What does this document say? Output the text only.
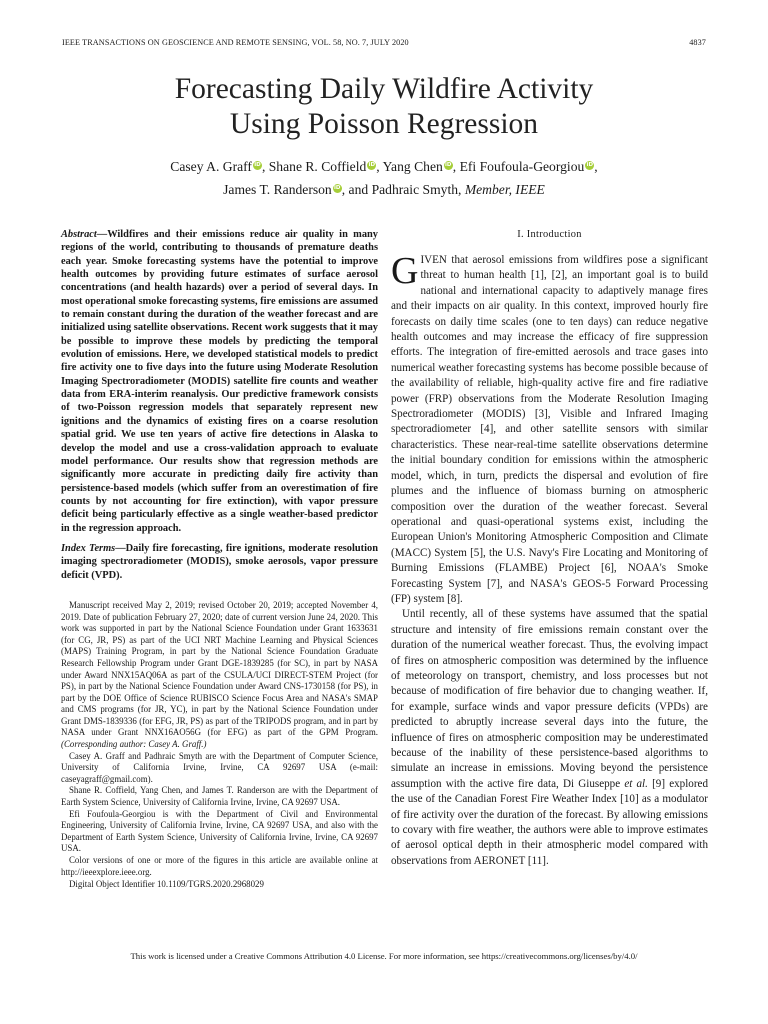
IEEE TRANSACTIONS ON GEOSCIENCE AND REMOTE SENSING, VOL. 58, NO. 7, JULY 2020	4837
Forecasting Daily Wildfire Activity
Using Poisson Regression
Casey A. Graff iD, Shane R. Coffield iD, Yang Chen iD, Efi Foufoula-Georgiou iD,
James T. Randerson iD, and Padhraic Smyth, Member, IEEE
Abstract—Wildfires and their emissions reduce air quality in many regions of the world, contributing to thousands of premature deaths each year. Smoke forecasting systems have the potential to improve health outcomes by providing future estimates of surface aerosol concentrations (and health hazards) over a period of several days. In most operational smoke forecasting systems, fire emissions are assumed to remain constant during the duration of the weather forecast and are initialized using satellite observations. Recent work suggests that it may be possible to improve these models by predicting the temporal evolution of emissions. Here, we developed statistical models to predict fire activity one to five days into the future using Moderate Resolution Imaging Spectroradiometer (MODIS) satellite fire counts and weather data from ERA-interim reanalysis. Our predictive framework consists of two-Poisson regression models that separately represent new ignitions and the dynamics of existing fires on a coarse resolution spatial grid. We use ten years of active fire detections in Alaska to develop the model and use a cross-validation approach to evaluate model performance. Our results show that regression methods are significantly more accurate in predicting daily fire activity than persistence-based models (which suffer from an overestimation of fire counts by not accounting for fire extinction), with vapor pressure deficit being particularly effective as a single weather-based predictor in the regression approach.
Index Terms—Daily fire forecasting, fire ignitions, moderate resolution imaging spectroradiometer (MODIS), smoke aerosols, vapor pressure deficit (VPD).

Manuscript received May 2, 2019; revised October 20, 2019; accepted November 4, 2019. Date of publication February 27, 2020; date of current version June 24, 2020. This work was supported in part by the National Science Foundation under Grant 1633631 (for CG, JR, PS) as part of the UCI NRT Machine Learning and Physical Sciences (MAPS) Training Program, in part by the National Science Foundation Graduate Research Fellowship Program under Grant DGE-1839285 (for SC), in part by NASA under Award NNX15AQ06A as part of the CSULA/UCI DIRECT-STEM Project (for PS), in part by the National Science Foundation under Award CNS-1730158 (for PS), in part by the DOE Office of Science RUBISCO Science Focus Area and NASA's SMAP and CMS programs (for JR, YC), in part by the National Science Foundation under Grant DMS-1839336 (for EFG, JR, PS) as part of the TRIPODS program, and in part by NASA under Grant NNX16AO56G (for EFG) as part of the GPM Program. (Corresponding author: Casey A. Graff.)

Casey A. Graff and Padhraic Smyth are with the Department of Computer Science, University of California Irvine, Irvine, CA 92697 USA (e-mail: caseyagraff@gmail.com).

Shane R. Coffield, Yang Chen, and James T. Randerson are with the Department of Earth System Science, University of California Irvine, Irvine, CA 92697 USA.

Efi Foufoula-Georgiou is with the Department of Civil and Environmental Engineering, University of California Irvine, Irvine, CA 92697 USA, and also with the Department of Earth System Science, University of California Irvine, Irvine, CA 92697 USA.

Color versions of one or more of the figures in this article are available online at http://ieeexplore.ieee.org.

Digital Object Identifier 10.1109/TGRS.2020.2968029

I. Introduction

GIVEN that aerosol emissions from wildfires pose a significant threat to human health [1], [2], an important goal is to build national and international capacity to adaptively manage fires and their impacts on air quality. In this context, improved hourly fire forecasts on daily time scales (one to ten days) can reduce negative health outcomes and may increase the efficacy of fire suppression efforts. The integration of fire-emitted aerosols and trace gases into numerical weather forecasting systems has become possible because of the availability of reliable, high-quality active fire and fire radiative power (FRP) observations from the Moderate Resolution Imaging Spectroradiometer (MODIS) [3], Visible and Infrared Imaging spectroradiometer [4], and other satellite sensors with similar characteristics. These near-real-time satellite observations determine the initial boundary condition for emissions within the atmospheric model, which, in turn, predicts the dispersal and evolution of fire plumes and the influence of biomass burning on atmospheric composition over the duration of the weather forecast. Several operational and quasi-operational systems exist, including the European Union's Monitoring Atmospheric Composition and Climate (MACC) System [5], the U.S. Navy's Fire Locating and Monitoring of Burning Emissions (FLAMBE) Project [6], NOAA's Smoke Forecasting System [7], and NASA's GEOS-5 Forward Processing (FP) system [8].

Until recently, all of these systems have assumed that the spatial structure and intensity of fire emissions remain constant over the duration of the numerical weather forecast. Thus, the evolving impact of fires on atmospheric composition was determined by the influence of meteorology on transport, chemistry, and loss processes but not because of modification of fire behavior due to changing weather. If, for example, surface winds and vapor pressure deficits (VPDs) are predicted to abruptly increase several days into the future, the influence of fires on atmospheric composition may be underestimated because of the inability of these persistence-based algorithms to simulate an increase in emissions. Moving beyond the persistence assumption with the active fire data, Di Giuseppe et al. [9] explored the use of the Canadian Forest Fire Weather Index [10] as a modulator of fire activity over the duration of the forecast. By allowing emissions to covary with fire weather, the authors were able to improve estimates of aerosol optical depth in their atmospheric model compared with observations from AERONET [11].

This work is licensed under a Creative Commons Attribution 4.0 License. For more information, see https://creativecommons.org/licenses/by/4.0/
